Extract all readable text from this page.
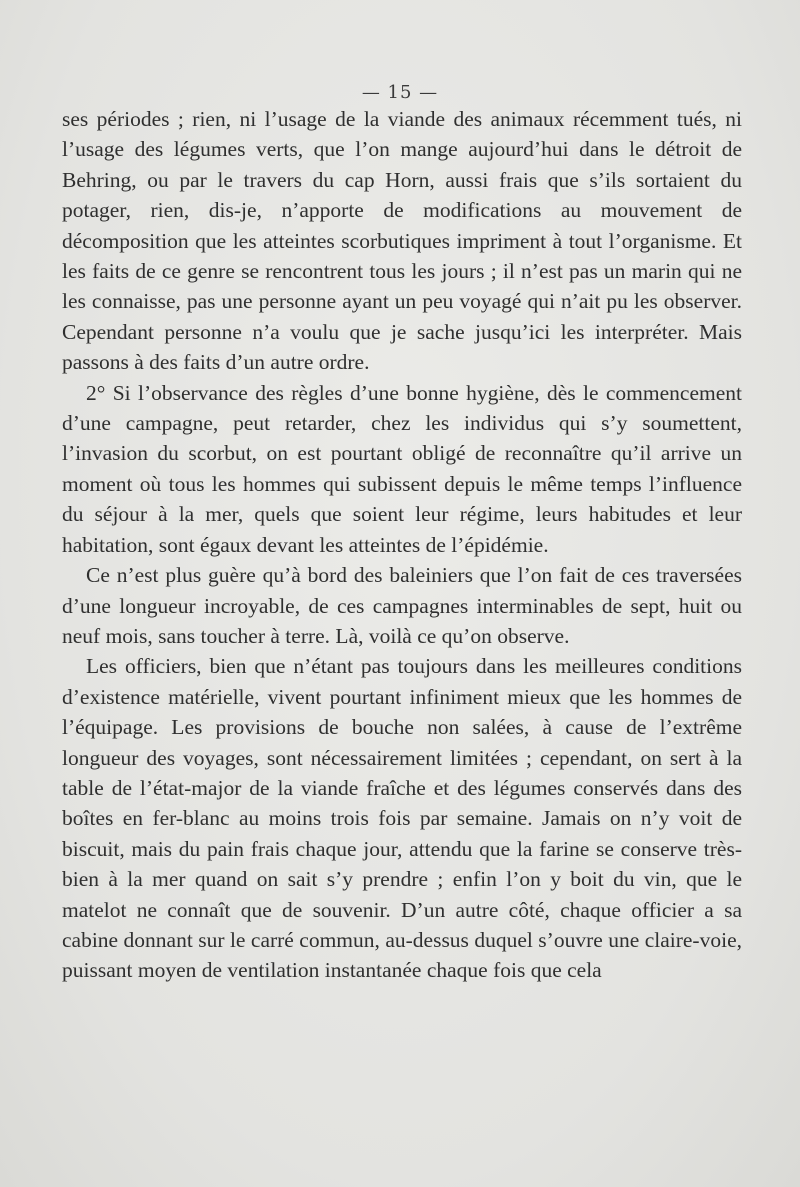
— 15 —

ses périodes ; rien, ni l’usage de la viande des animaux récemment tués, ni l’usage des légumes verts, que l’on mange aujourd’hui dans le détroit de Behring, ou par le travers du cap Horn, aussi frais que s’ils sortaient du potager, rien, dis-je, n’apporte de modifications au mouvement de décomposition que les atteintes scorbutiques impriment à tout l’organisme. Et les faits de ce genre se rencontrent tous les jours ; il n’est pas un marin qui ne les connaisse, pas une personne ayant un peu voyagé qui n’ait pu les observer. Cependant personne n’a voulu que je sache jusqu’ici les interpréter. Mais passons à des faits d’un autre ordre.

2° Si l’observance des règles d’une bonne hygiène, dès le commencement d’une campagne, peut retarder, chez les individus qui s’y soumettent, l’invasion du scorbut, on est pourtant obligé de reconnaître qu’il arrive un moment où tous les hommes qui subissent depuis le même temps l’influence du séjour à la mer, quels que soient leur régime, leurs habitudes et leur habitation, sont égaux devant les atteintes de l’épidémie.

Ce n’est plus guère qu’à bord des baleiniers que l’on fait de ces traversées d’une longueur incroyable, de ces campagnes interminables de sept, huit ou neuf mois, sans toucher à terre. Là, voilà ce qu’on observe.

Les officiers, bien que n’étant pas toujours dans les meilleures conditions d’existence matérielle, vivent pourtant infiniment mieux que les hommes de l’équipage. Les provisions de bouche non salées, à cause de l’extrême longueur des voyages, sont nécessairement limitées ; cependant, on sert à la table de l’état-major de la viande fraîche et des légumes conservés dans des boîtes en fer-blanc au moins trois fois par semaine. Jamais on n’y voit de biscuit, mais du pain frais chaque jour, attendu que la farine se conserve très-bien à la mer quand on sait s’y prendre ; enfin l’on y boit du vin, que le matelot ne connaît que de souvenir. D’un autre côté, chaque officier a sa cabine donnant sur le carré commun, au-dessus duquel s’ouvre une claire-voie, puissant moyen de ventilation instantanée chaque fois que cela
